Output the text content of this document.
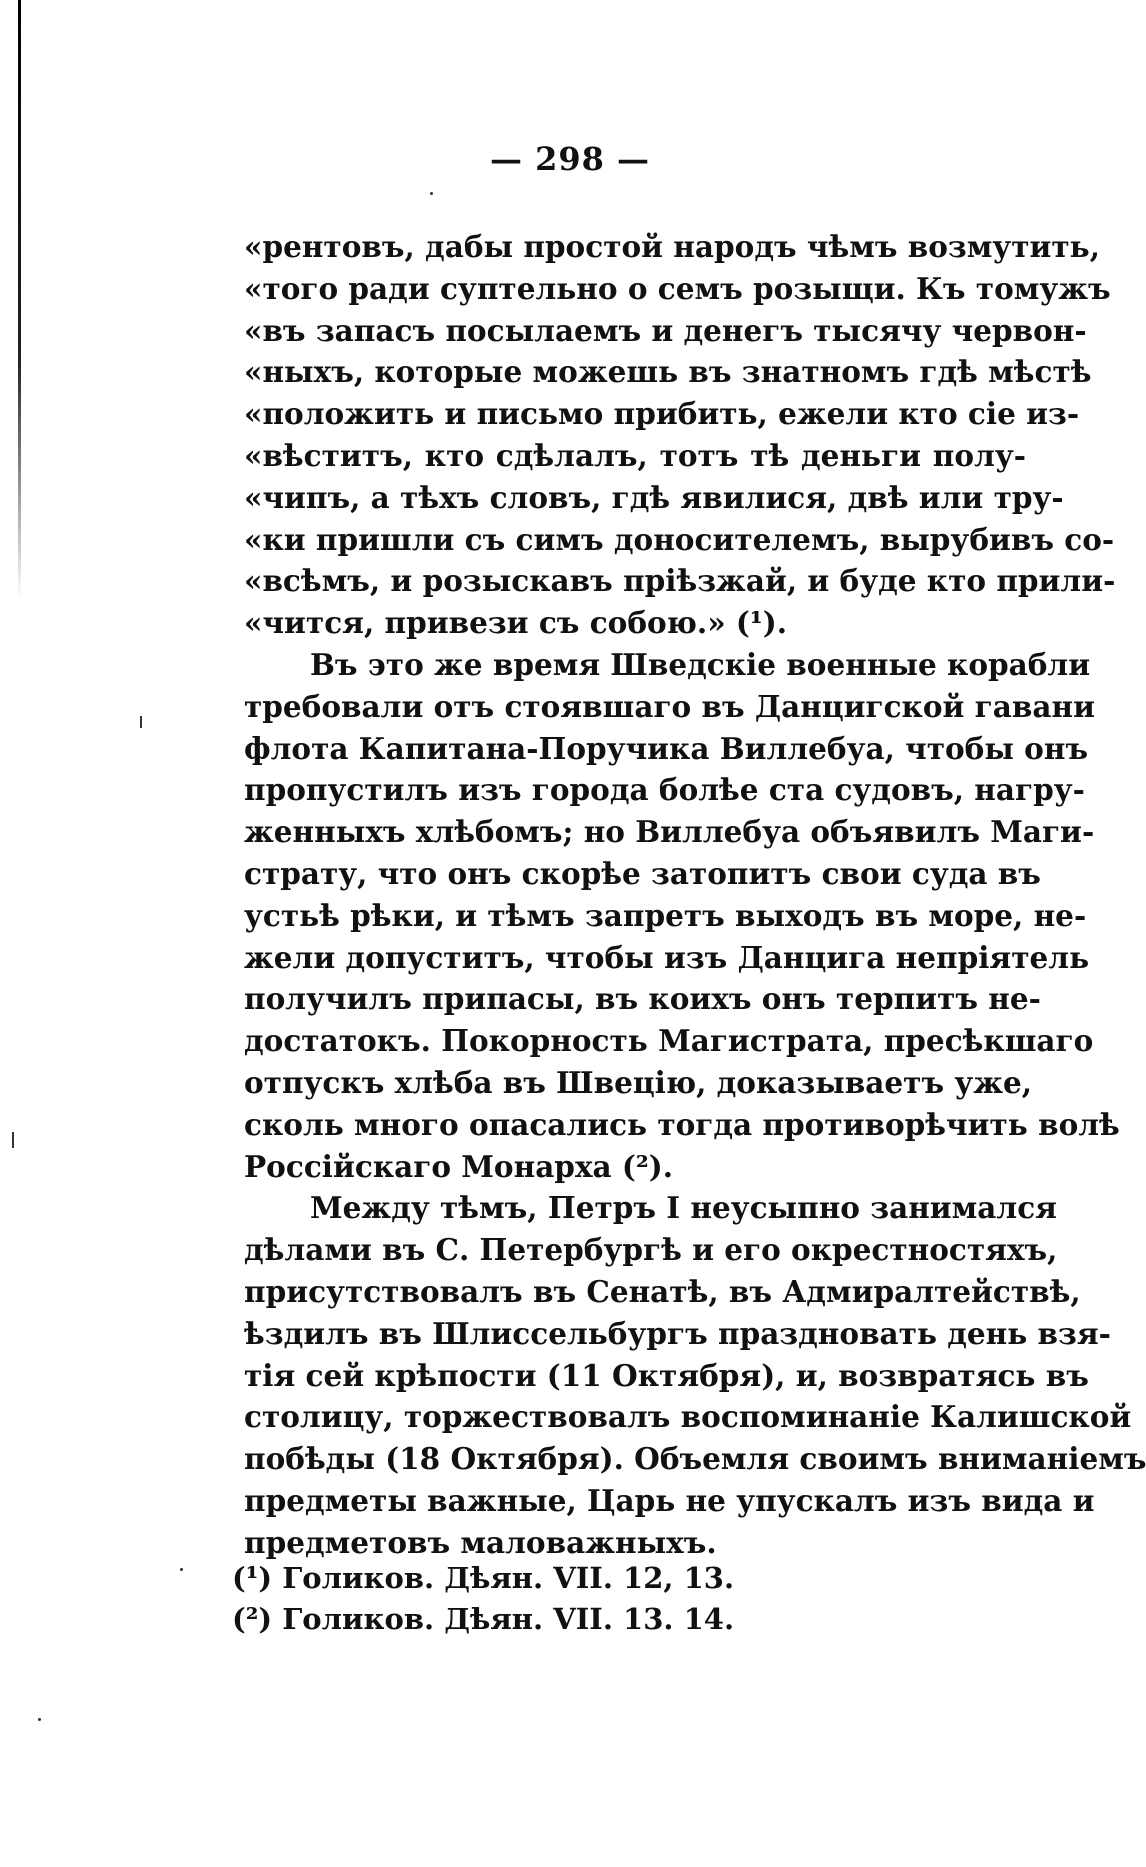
— 298 —
«рентовъ, дабы простой народъ чѣмъ возмутить,
«того ради суптельно о семъ розыщи. Къ томужъ
«въ запасъ посылаемъ и денегъ тысячу червон-
«ныхъ, которые можешь въ знатномъ гдѣ мѣстѣ
«положить и письмо прибить, ежели кто сіе из-
«вѣститъ, кто сдѣлалъ, тотъ тѣ деньги полу-
«чипъ, а тѣхъ словъ, гдѣ явилися, двѣ или тру-
«ки пришли съ симъ доносителемъ, вырубивъ со-
«всѣмъ, и розыскавъ пріѣзжай, и буде кто прили-
«чится, привези съ собою.» (¹).
Въ это же время Шведскіе военные корабли
требовали отъ стоявшаго въ Данцигской гавани
флота Капитана-Поручика Виллебуа, чтобы онъ
пропустилъ изъ города болѣе ста судовъ, нагру-
женныхъ хлѣбомъ; но Виллебуа объявилъ Маги-
страту, что онъ скорѣе затопитъ свои суда въ
устьѣ рѣки, и тѣмъ запретъ выходъ въ море, не-
жели допуститъ, чтобы изъ Данцига непріятель
получилъ припасы, въ коихъ онъ терпитъ не-
достатокъ. Покорность Магистрата, пресѣкшаго
отпускъ хлѣба въ Швецію, доказываетъ уже,
сколь много опасались тогда противорѣчить волѣ
Россійскаго Монарха (²).
Между тѣмъ, Петръ I неусыпно занимался
дѣлами въ С. Петербургѣ и его окрестностяхъ,
присутствовалъ въ Сенатѣ, въ Адмиралтействѣ,
ѣздилъ въ Шлиссельбургъ праздновать день взя-
тія сей крѣпости (11 Октября), и, возвратясь въ
столицу, торжествовалъ воспоминаніе Калишской
побѣды (18 Октября). Объемля своимъ вниманіемъ
предметы важные, Царь не упускалъ изъ вида и
предметовъ маловажныхъ.
(¹) Голиков. Дѣян. VII. 12, 13.
(²) Голиков. Дѣян. VII. 13. 14.
